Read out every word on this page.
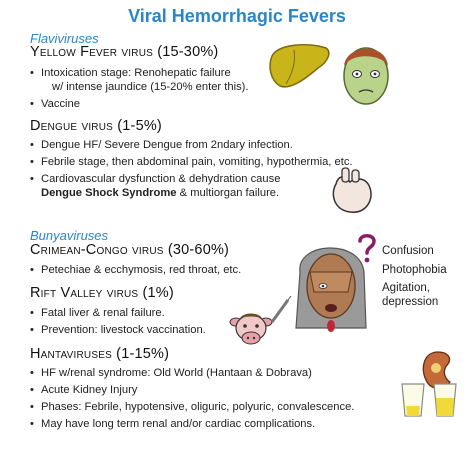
Viral Hemorrhagic Fevers
Flaviviruses
Yellow Fever virus (15-30%)
• Intoxication stage: Renohepatic failure
w/ intense jaundice (15-20% enter this).
• Vaccine
Dengue virus (1-5%)
• Dengue HF/ Severe Dengue from 2ndary infection.
• Febrile stage, then abdominal pain, vomiting, hypothermia, etc.
• Cardiovascular dysfunction & dehydration cause
Dengue Shock Syndrome & multiorgan failure.
Bunyaviruses
Crimean-Congo virus (30-60%)
• Petechiae & ecchymosis, red throat, etc.
Rift Valley virus (1%)
• Fatal liver & renal failure.
• Prevention: livestock vaccination.
Hantaviruses (1-15%)
• HF w/renal syndrome: Old World (Hantaan & Dobrava)
• Acute Kidney Injury
• Phases: Febrile, hypotensive, oliguric, polyuric, convalescence.
• May have long term renal and/or cardiac complications.
Confusion
Photophobia
Agitation,
depression
